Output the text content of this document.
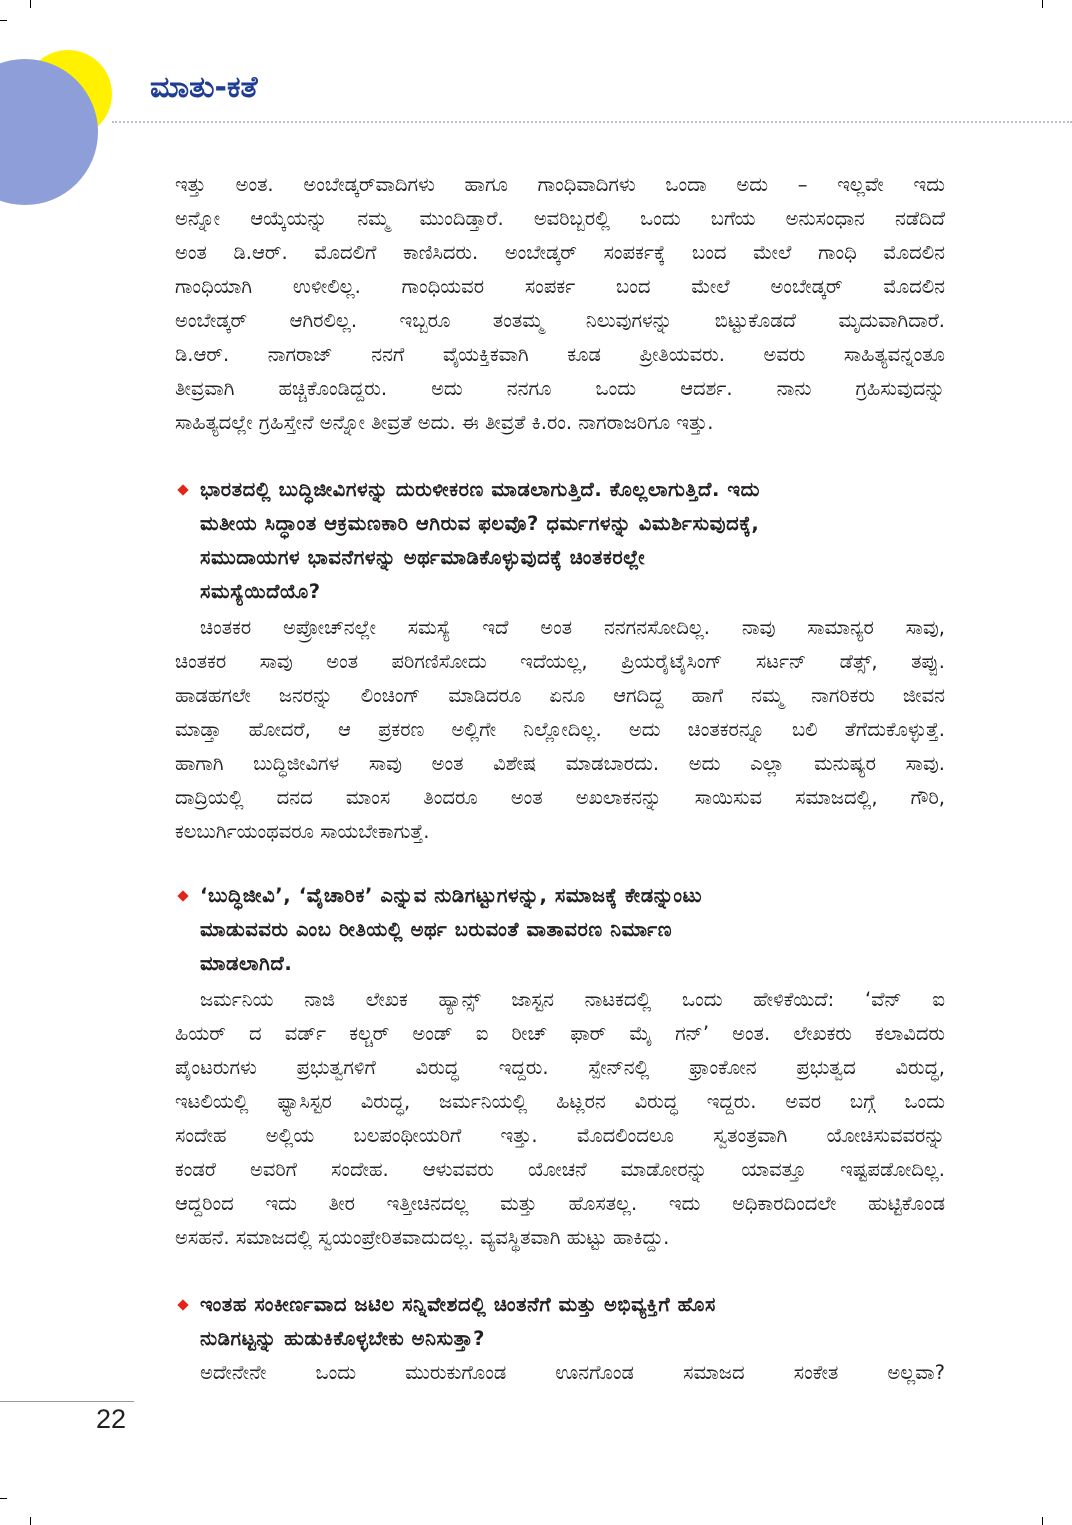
ಮಾತು-ಕತೆ
ಇತ್ತು ಅಂತ. ಅಂಬೇಡ್ಕರ್‌ವಾದಿಗಳು ಹಾಗೂ ಗಾಂಧಿವಾದಿಗಳು ಒಂದಾ ಅದು – ಇಲ್ಲವೇ ಇದು
ಅನ್ನೋ ಆಯ್ಕೆಯನ್ನು ನಮ್ಮ ಮುಂದಿಡ್ತಾರೆ. ಅವರಿಬ್ಬರಲ್ಲಿ ಒಂದು ಬಗೆಯ ಅನುಸಂಧಾನ ನಡೆದಿದೆ
ಅಂತ ಡಿ.ಆರ್. ಮೊದಲಿಗೆ ಕಾಣಿಸಿದರು. ಅಂಬೇಡ್ಕರ್ ಸಂಪರ್ಕಕ್ಕೆ ಬಂದ ಮೇಲೆ ಗಾಂಧಿ ಮೊದಲಿನ
ಗಾಂಧಿಯಾಗಿ ಉಳೀಲಿಲ್ಲ. ಗಾಂಧಿಯವರ ಸಂಪರ್ಕ ಬಂದ ಮೇಲೆ ಅಂಬೇಡ್ಕರ್ ಮೊದಲಿನ
ಅಂಬೇಡ್ಕರ್ ಆಗಿರಲಿಲ್ಲ. ಇಬ್ಬರೂ ತಂತಮ್ಮ ನಿಲುವುಗಳನ್ನು ಬಿಟ್ಟುಕೊಡದೆ ಮೃದುವಾಗಿದಾರೆ.
ಡಿ.ಆರ್. ನಾಗರಾಜ್ ನನಗೆ ವೈಯಕ್ತಿಕವಾಗಿ ಕೂಡ ಪ್ರೀತಿಯವರು. ಅವರು ಸಾಹಿತ್ಯವನ್ನಂತೂ
ತೀವ್ರವಾಗಿ ಹಚ್ಚಿಕೊಂಡಿದ್ದರು. ಅದು ನನಗೂ ಒಂದು ಆದರ್ಶ. ನಾನು ಗ್ರಹಿಸುವುದನ್ನು
ಸಾಹಿತ್ಯದಲ್ಲೇ ಗ್ರಹಿಸ್ತೇನೆ ಅನ್ನೋ ತೀವ್ರತೆ ಅದು. ಈ ತೀವ್ರತೆ ಕಿ.ರಂ. ನಾಗರಾಜರಿಗೂ ಇತ್ತು.
ಭಾರತದಲ್ಲಿ ಬುದ್ಧಿಜೀವಿಗಳನ್ನು ದುರುಳೀಕರಣ ಮಾಡಲಾಗುತ್ತಿದೆ. ಕೊಲ್ಲಲಾಗುತ್ತಿದೆ. ಇದು
ಮತೀಯ ಸಿದ್ಧಾಂತ ಆಕ್ರಮಣಕಾರಿ ಆಗಿರುವ ಫಲವೊ? ಧರ್ಮಗಳನ್ನು ವಿಮರ್ಶಿಸುವುದಕ್ಕೆ,
ಸಮುದಾಯಗಳ ಭಾವನೆಗಳನ್ನು ಅರ್ಥಮಾಡಿಕೊಳ್ಳುವುದಕ್ಕೆ ಚಿಂತಕರಲ್ಲೇ
ಸಮಸ್ಯೆಯಿದೆಯೊ?
ಚಿಂತಕರ ಅಪ್ರೋಚ್‌ನಲ್ಲೇ ಸಮಸ್ಯೆ ಇದೆ ಅಂತ ನನಗನಸೋದಿಲ್ಲ. ನಾವು ಸಾಮಾನ್ಯರ ಸಾವು,
ಚಿಂತಕರ ಸಾವು ಅಂತ ಪರಿಗಣಿಸೋದು ಇದೆಯಲ್ಲ, ಪ್ರಿಯರೈಟೈಸಿಂಗ್ ಸರ್ಟನ್ ಡೆತ್ಸ್, ತಪ್ಪು.
ಹಾಡಹಗಲೇ ಜನರನ್ನು ಲಿಂಚಿಂಗ್ ಮಾಡಿದರೂ ಏನೂ ಆಗದಿದ್ದ ಹಾಗೆ ನಮ್ಮ ನಾಗರಿಕರು ಜೀವನ
ಮಾಡ್ತಾ ಹೋದರೆ, ಆ ಪ್ರಕರಣ ಅಲ್ಲಿಗೇ ನಿಲ್ಲೋದಿಲ್ಲ. ಅದು ಚಿಂತಕರನ್ನೂ ಬಲಿ ತೆಗೆದುಕೊಳ್ಳುತ್ತೆ.
ಹಾಗಾಗಿ ಬುದ್ಧಿಜೀವಿಗಳ ಸಾವು ಅಂತ ವಿಶೇಷ ಮಾಡಬಾರದು. ಅದು ಎಲ್ಲಾ ಮನುಷ್ಯರ ಸಾವು.
ದಾದ್ರಿಯಲ್ಲಿ ದನದ ಮಾಂಸ ತಿಂದರೂ ಅಂತ ಅಖಲಾಕನನ್ನು ಸಾಯಿಸುವ ಸಮಾಜದಲ್ಲಿ, ಗೌರಿ,
ಕಲಬುರ್ಗಿಯಂಥವರೂ ಸಾಯಬೇಕಾಗುತ್ತೆ.
‘ಬುದ್ಧಿಜೀವಿ’, ‘ವೈಚಾರಿಕ’ ಎನ್ನುವ ನುಡಿಗಟ್ಟುಗಳನ್ನು, ಸಮಾಜಕ್ಕೆ ಕೇಡನ್ನುಂಟು
ಮಾಡುವವರು ಎಂಬ ರೀತಿಯಲ್ಲಿ ಅರ್ಥ ಬರುವಂತೆ ವಾತಾವರಣ ನಿರ್ಮಾಣ
ಮಾಡಲಾಗಿದೆ.
ಜರ್ಮನಿಯ ನಾಜಿ ಲೇಖಕ ಹ್ಯಾನ್ಸ್ ಜಾಸ್ಟನ ನಾಟಕದಲ್ಲಿ ಒಂದು ಹೇಳಿಕೆಯಿದೆ: ‘ವೆನ್ ಐ
ಹಿಯರ್ ದ ವರ್ಡ್ ಕಲ್ಚರ್ ಅಂಡ್ ಐ ರೀಚ್ ಫಾರ್ ಮೈ ಗನ್’ ಅಂತ. ಲೇಖಕರು ಕಲಾವಿದರು
ಪೈಂಟರುಗಳು ಪ್ರಭುತ್ವಗಳಿಗೆ ವಿರುದ್ಧ ಇದ್ದರು. ಸ್ಪೇನ್‌ನಲ್ಲಿ ಫ್ರಾಂಕೋನ ಪ್ರಭುತ್ವದ ವಿರುದ್ಧ,
ಇಟಲಿಯಲ್ಲಿ ಫ್ಯಾಸಿಸ್ಟರ ವಿರುದ್ಧ, ಜರ್ಮನಿಯಲ್ಲಿ ಹಿಟ್ಲರನ ವಿರುದ್ಧ ಇದ್ದರು. ಅವರ ಬಗ್ಗೆ ಒಂದು
ಸಂದೇಹ ಅಲ್ಲಿಯ ಬಲಪಂಥೀಯರಿಗೆ ಇತ್ತು. ಮೊದಲಿಂದಲೂ ಸ್ವತಂತ್ರವಾಗಿ ಯೋಚಿಸುವವರನ್ನು
ಕಂಡರೆ ಅವರಿಗೆ ಸಂದೇಹ. ಆಳುವವರು ಯೋಚನೆ ಮಾಡೋರನ್ನು ಯಾವತ್ತೂ ಇಷ್ಟಪಡೋದಿಲ್ಲ.
ಆದ್ದರಿಂದ ಇದು ತೀರ ಇತ್ತೀಚಿನದಲ್ಲ ಮತ್ತು ಹೊಸತಲ್ಲ. ಇದು ಅಧಿಕಾರದಿಂದಲೇ ಹುಟ್ಟಿಕೊಂಡ
ಅಸಹನೆ. ಸಮಾಜದಲ್ಲಿ ಸ್ವಯಂಪ್ರೇರಿತವಾದುದಲ್ಲ. ವ್ಯವಸ್ಥಿತವಾಗಿ ಹುಟ್ಟು ಹಾಕಿದ್ದು.
ಇಂತಹ ಸಂಕೀರ್ಣವಾದ ಜಟಿಲ ಸನ್ನಿವೇಶದಲ್ಲಿ ಚಿಂತನೆಗೆ ಮತ್ತು ಅಭಿವ್ಯಕ್ತಿಗೆ ಹೊಸ
ನುಡಿಗಟ್ಟನ್ನು ಹುಡುಕಿಕೊಳ್ಳಬೇಕು ಅನಿಸುತ್ತಾ?
ಅದೇನೇನೇ ಒಂದು ಮುರುಕುಗೊಂಡ ಊನಗೊಂಡ ಸಮಾಜದ ಸಂಕೇತ ಅಲ್ಲವಾ?
22
